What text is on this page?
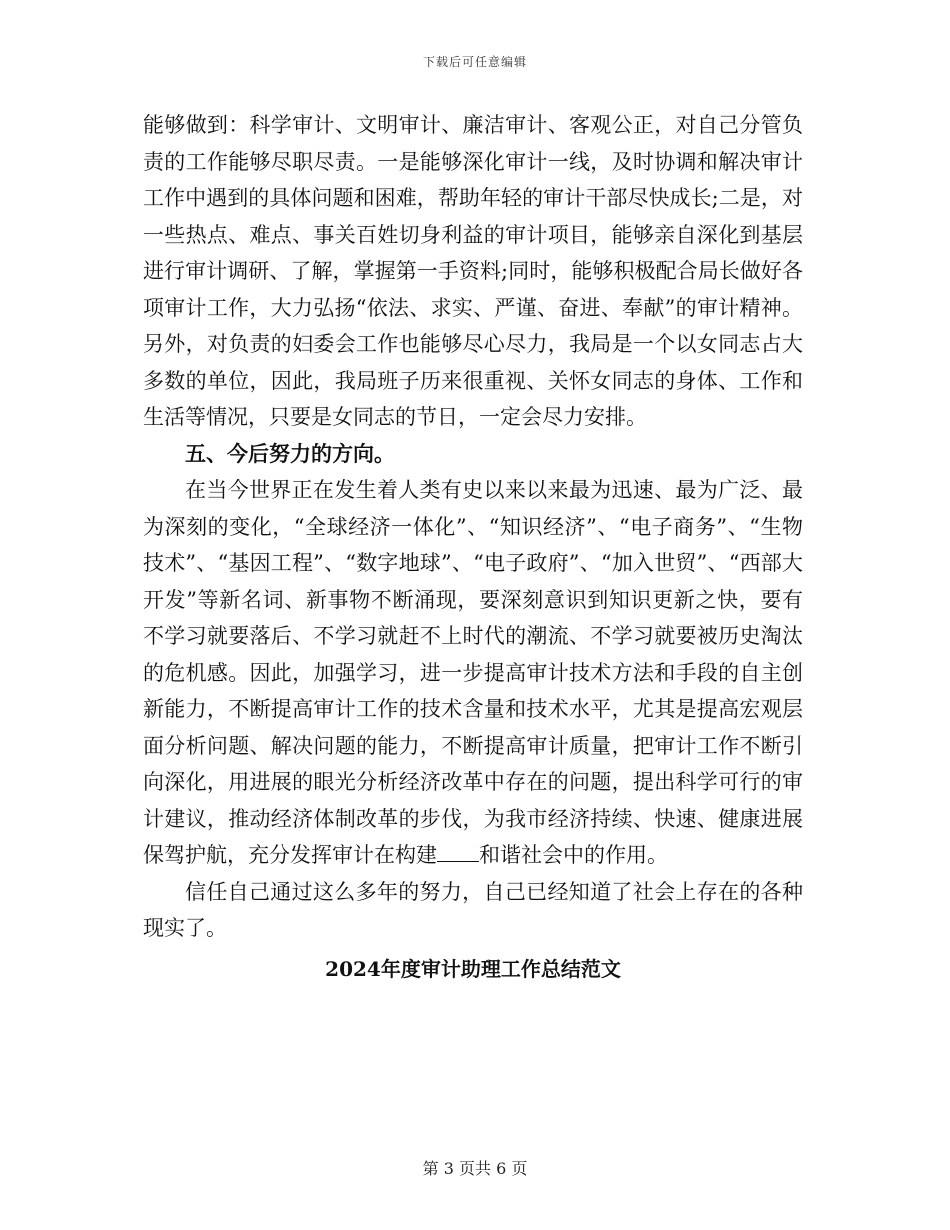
下载后可任意编辑

能够做到：科学审计、文明审计、廉洁审计、客观公正，对自己分管负责的工作能够尽职尽责。一是能够深化审计一线，及时协调和解决审计工作中遇到的具体问题和困难，帮助年轻的审计干部尽快成长;二是，对一些热点、难点、事关百姓切身利益的审计项目，能够亲自深化到基层进行审计调研、了解，掌握第一手资料;同时，能够积极配合局长做好各项审计工作，大力弘扬“依法、求实、严谨、奋进、奉献”的审计精神。另外，对负责的妇委会工作也能够尽心尽力，我局是一个以女同志占大多数的单位，因此，我局班子历来很重视、关怀女同志的身体、工作和生活等情况，只要是女同志的节日，一定会尽力安排。

五、今后努力的方向。

在当今世界正在发生着人类有史以来以来最为迅速、最为广泛、最为深刻的变化，“全球经济一体化”、“知识经济”、“电子商务”、“生物技术”、“基因工程”、“数字地球”、“电子政府”、“加入世贸”、“西部大开发”等新名词、新事物不断涌现，要深刻意识到知识更新之快，要有不学习就要落后、不学习就赶不上时代的潮流、不学习就要被历史淘汰的危机感。因此，加强学习，进一步提高审计技术方法和手段的自主创新能力，不断提高审计工作的技术含量和技术水平，尤其是提高宏观层面分析问题、解决问题的能力，不断提高审计质量，把审计工作不断引向深化，用进展的眼光分析经济改革中存在的问题，提出科学可行的审计建议，推动经济体制改革的步伐，为我市经济持续、快速、健康进展保驾护航，充分发挥审计在构建 和谐社会中的作用。

信任自己通过这么多年的努力，自己已经知道了社会上存在的各种现实了。

2024年度审计助理工作总结范文

第 3 页共 6 页
